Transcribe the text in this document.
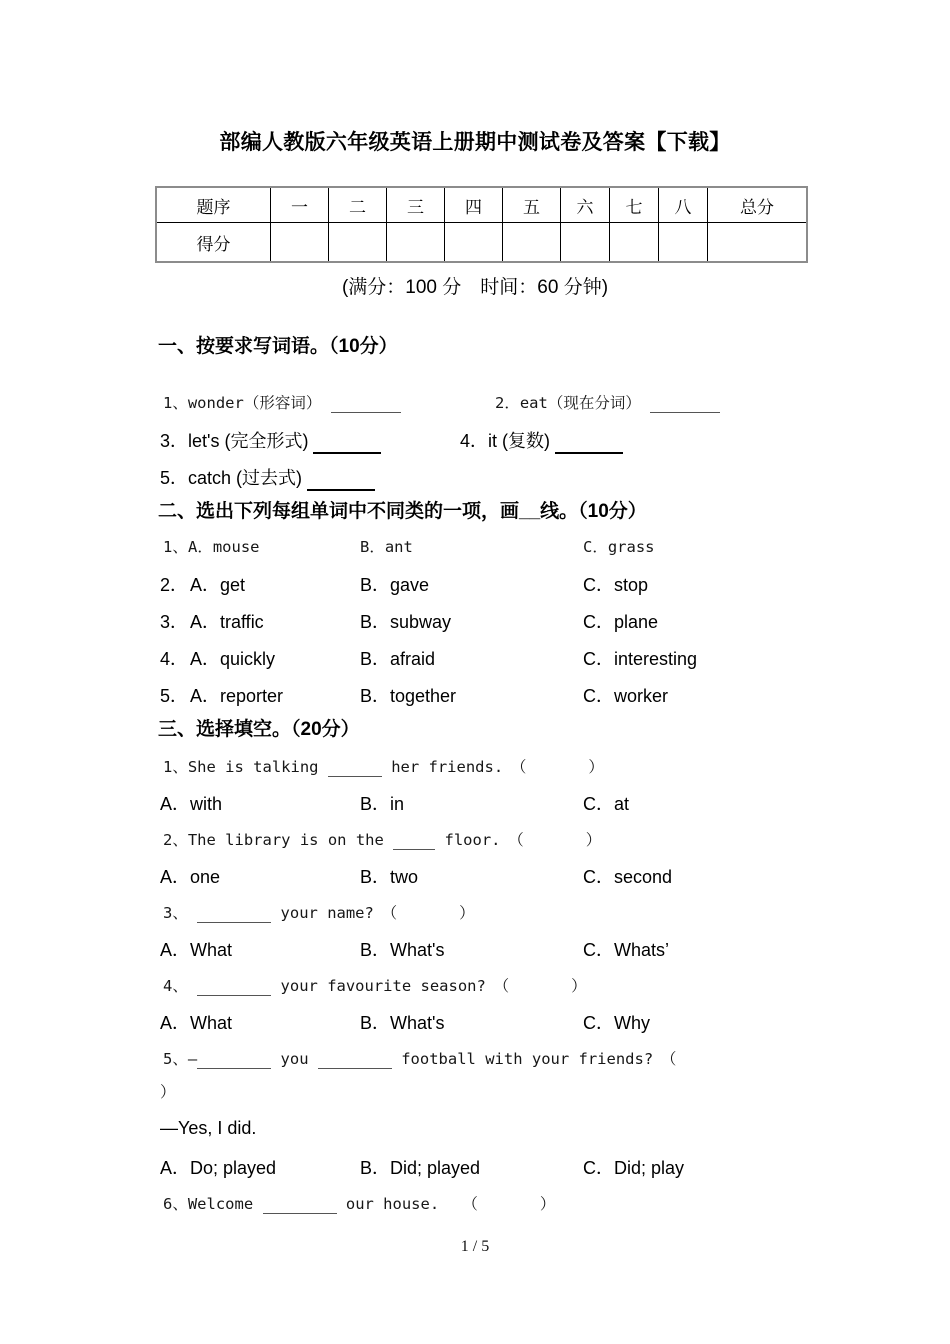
部编人教版六年级英语上册期中测试卷及答案【下载】
题序	一	二	三	四	五	六	七	八	总分
得分									
(满分：100 分　时间：60 分钟)
一、按要求写词语。（10分）
1、wonder（形容词）	2．eat（现在分词）
3．let's (完全形式)	4．it (复数)
5．catch (过去式)
二、选出下列每组单词中不同类的一项，画__线。（10分）
1、 A．mouse	B．ant	C．grass
2． A．get	B．gave	C．stop
3． A．traffic	B．subway	C．plane
4． A．quickly	B．afraid	C．interesting
5． A．reporter	B．together	C．worker
三、选择填空。（20分）
1、She is talking	her friends.　（　　　　）
A．with	B．in	C．at
2、The library is on the	floor.　（　　　　）
A．one	B．two	C．second
3、	your name?　（　　　　）
A．What	B．What's	C．Whats’
4、	your favourite season?　（　　　　）
A．What	B．What's	C．Why
5、—	you	football with your friends?　（
）
—Yes, I did.
A．Do; played	B．Did; played	C．Did; play
6、Welcome	our house.　　（　　　　）
1 / 5
